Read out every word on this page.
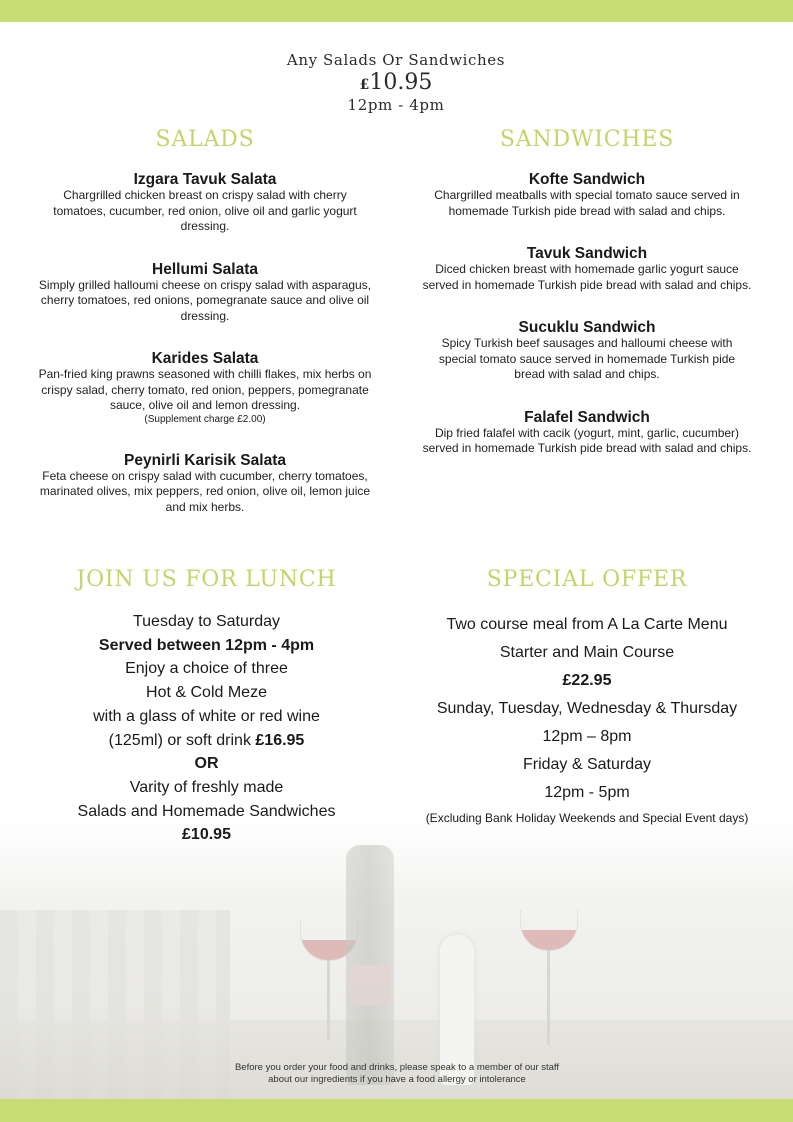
Any Salads Or Sandwiches
£10.95
12pm - 4pm
SALADS
Izgara Tavuk Salata
Chargrilled chicken breast on crispy salad with cherry tomatoes, cucumber, red onion, olive oil and garlic yogurt dressing.
Hellumi Salata
Simply grilled halloumi cheese on crispy salad with asparagus, cherry tomatoes, red onions, pomegranate sauce and olive oil dressing.
Karides Salata
Pan-fried king prawns seasoned with chilli flakes, mix herbs on crispy salad, cherry tomato, red onion, peppers, pomegranate sauce, olive oil and lemon dressing.
(Supplement charge £2.00)
Peynirli Karisik Salata
Feta cheese on crispy salad with cucumber, cherry tomatoes, marinated olives, mix peppers, red onion, olive oil, lemon juice and mix herbs.
SANDWICHES
Kofte Sandwich
Chargrilled meatballs with special tomato sauce served in homemade Turkish pide bread with salad and chips.
Tavuk Sandwich
Diced chicken breast with homemade garlic yogurt sauce served in homemade Turkish pide bread with salad and chips.
Sucuklu Sandwich
Spicy Turkish beef sausages and halloumi cheese with special tomato sauce served in homemade Turkish pide bread with salad and chips.
Falafel Sandwich
Dip fried falafel with cacik (yogurt, mint, garlic, cucumber) served in homemade Turkish pide bread with salad and chips.
JOIN US FOR LUNCH
Tuesday to Saturday
Served between 12pm - 4pm
Enjoy a choice of three
Hot & Cold Meze
with a glass of white or red wine
(125ml) or soft drink £16.95
OR
Varity of freshly made
Salads and Homemade Sandwiches
£10.95
SPECIAL OFFER
Two course meal from A La Carte Menu
Starter and Main Course
£22.95
Sunday, Tuesday, Wednesday & Thursday
12pm – 8pm
Friday & Saturday
12pm - 5pm
(Excluding Bank Holiday Weekends and Special Event days)
Before you order your food and drinks, please speak to a member of our staff
about our ingredients if you have a food allergy or intolerance
